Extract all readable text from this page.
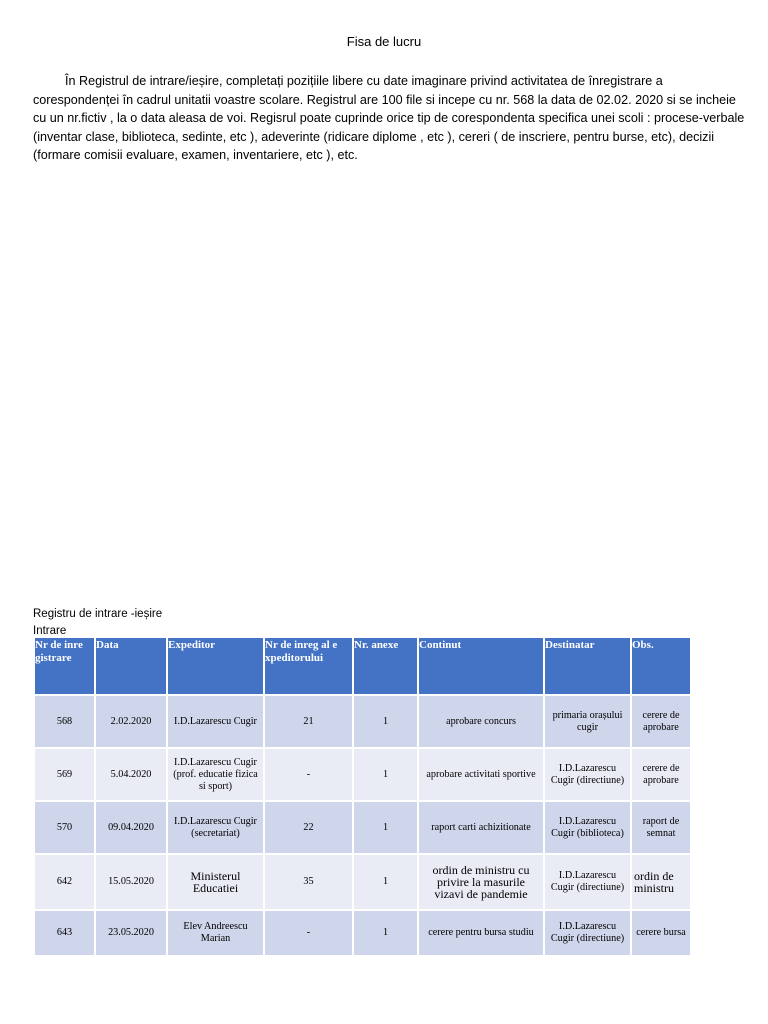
Fisa de lucru

În Registrul de intrare/ieșire, completați pozițiile libere cu date imaginare privind activitatea de înregistrare a corespondenței în cadrul unitatii voastre scolare. Registrul are 100 file si incepe cu nr. 568 la data de 02.02. 2020 si se incheie cu un nr.fictiv , la o data aleasa de voi. Regisrul poate cuprinde orice tip de corespondenta specifica unei scoli : procese-verbale (inventar clase, biblioteca, sedinte, etc ), adeverinte (ridicare diplome , etc ), cereri ( de inscriere, pentru burse, etc), decizii (formare comisii evaluare, examen, inventariere, etc ), etc.

Registru de intrare -ieșire
Intrare
Nr de inre gistrare	Data	Expeditor	Nr de inreg al e xpeditorului	Nr. anexe	Continut	Destinatar	Obs.
568	2.02.2020	I.D.Lazarescu Cugir	21	1	aprobare concurs	primaria orașului cugir	cerere de aprobare
569	5.04.2020	I.D.Lazarescu Cugir (prof. educatie fizica si sport)	-	1	aprobare activitati sportive	I.D.Lazarescu Cugir (directiune)	cerere de aprobare
570	09.04.2020	I.D.Lazarescu Cugir (secretariat)	22	1	raport carti achizitionate	I.D.Lazarescu Cugir (biblioteca)	raport de semnat
642	15.05.2020	Ministerul Educatiei	35	1	ordin de ministru cu privire la masurile vizavi de pandemie	I.D.Lazarescu Cugir (directiune)	ordin de ministru
643	23.05.2020	Elev Andreescu Marian	-	1	cerere pentru bursa studiu	I.D.Lazarescu Cugir (directiune)	cerere bursa
